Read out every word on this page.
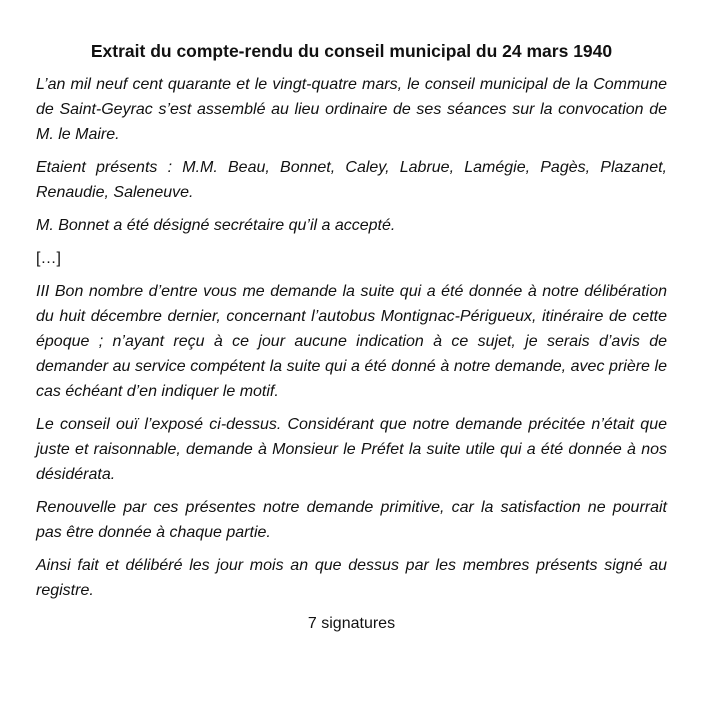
Extrait du compte-rendu du conseil municipal du 24 mars 1940

L’an mil neuf cent quarante et le vingt-quatre mars, le conseil municipal de la Commune de Saint-Geyrac s’est assemblé au lieu ordinaire de ses séances sur la convocation de M. le Maire.

Etaient présents : M.M. Beau, Bonnet, Caley, Labrue, Lamégie, Pagès, Plazanet, Renaudie, Saleneuve.

M. Bonnet a été désigné secrétaire qu’il a accepté.

[…]

III Bon nombre d’entre vous me demande la suite qui a été donnée à notre délibération du huit décembre dernier, concernant l’autobus Montignac-Périgueux, itinéraire de cette époque ; n’ayant reçu à ce jour aucune indication à ce sujet, je serais d’avis de demander au service compétent la suite qui a été donné à notre demande, avec prière le cas échéant d’en indiquer le motif.

Le conseil ouï l’exposé ci-dessus. Considérant que notre demande précitée n’était que juste et raisonnable, demande à Monsieur le Préfet la suite utile qui a été donnée à nos désidérata.

Renouvelle par ces présentes notre demande primitive, car la satisfaction ne pourrait pas être donnée à chaque partie.

Ainsi fait et délibéré les jour mois an que dessus par les membres présents signé au registre.

7 signatures
